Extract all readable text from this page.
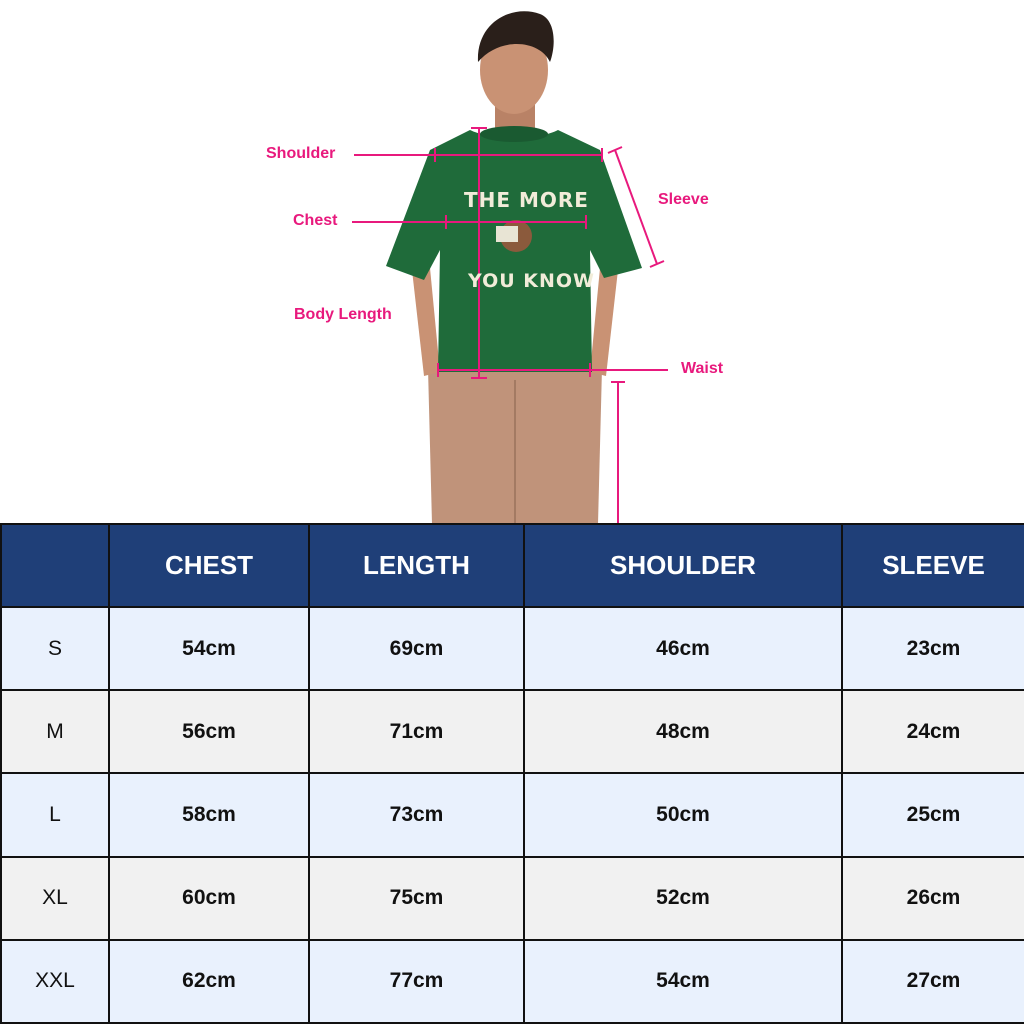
THE MORE
YOU KNOW
Shoulder
Chest
Sleeve
Body Length
Waist
	CHEST	LENGTH	SHOULDER	SLEEVE
S	54cm	69cm	46cm	23cm
M	56cm	71cm	48cm	24cm
L	58cm	73cm	50cm	25cm
XL	60cm	75cm	52cm	26cm
XXL	62cm	77cm	54cm	27cm
